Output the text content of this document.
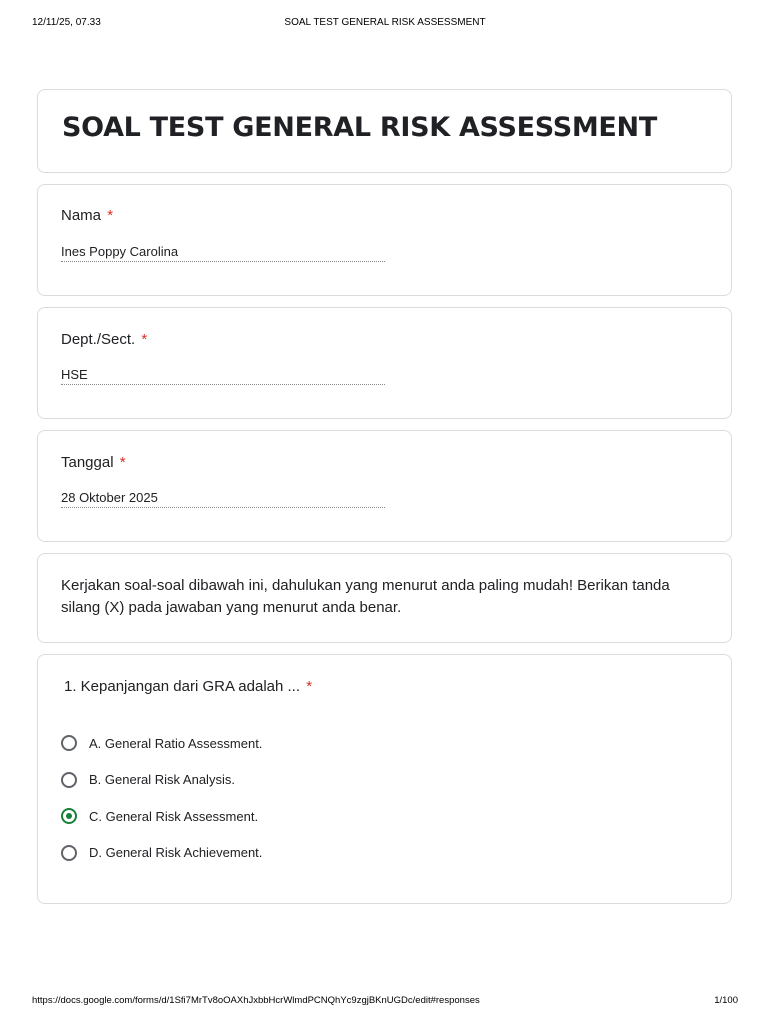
12/11/25, 07.33	SOAL TEST GENERAL RISK ASSESSMENT
SOAL TEST GENERAL RISK ASSESSMENT
Nama *
Ines Poppy Carolina
Dept./Sect. *
HSE
Tanggal *
28 Oktober 2025

Kerjakan soal-soal dibawah ini, dahulukan yang menurut anda paling mudah! Berikan tanda silang (X) pada jawaban yang menurut anda benar.

1. Kepanjangan dari GRA adalah ... *
A. General Ratio Assessment.
B. General Risk Analysis.
C. General Risk Assessment.
D. General Risk Achievement.
https://docs.google.com/forms/d/1Sfi7MrTv8oOAXhJxbbHcrWlmdPCNQhYc9zgjBKnUGDc/edit#responses	1/100
